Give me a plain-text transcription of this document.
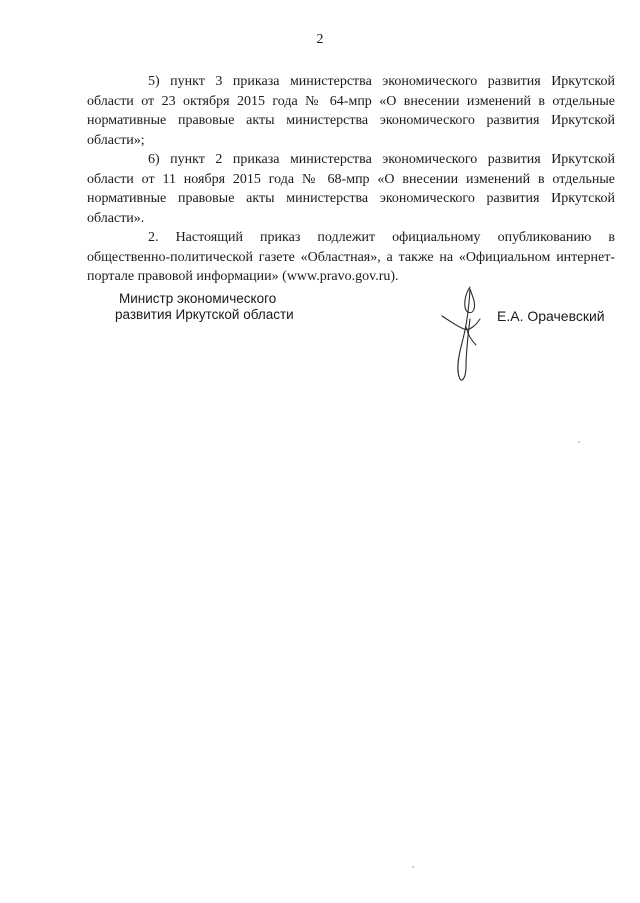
2

5) пункт 3 приказа министерства экономического развития Иркутской области от 23 октября 2015 года № 64-мпр «О внесении изменений в отдельные нормативные правовые акты министерства экономического развития Иркутской области»;

6) пункт 2 приказа министерства экономического развития Иркутской области от 11 ноября 2015 года № 68-мпр «О внесении изменений в отдельные нормативные правовые акты министерства экономического развития Иркутской области».

2. Настоящий приказ подлежит официальному опубликованию в общественно-политической газете «Областная», а также на «Официальном интернет-портале правовой информации» (www.pravo.gov.ru).

Министр экономического
развития Иркутской области	Е.А. Орачевский
